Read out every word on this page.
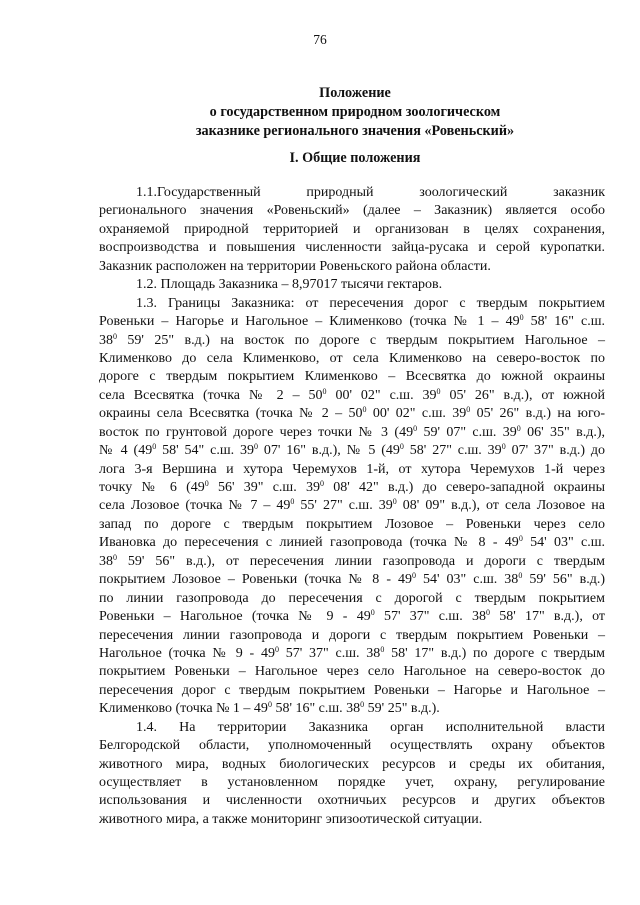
76
Положение
о государственном природном зоологическом
заказнике регионального значения «Ровеньский»
I. Общие положения
1.1.Государственный природный зоологический заказник
регионального значения «Ровеньский» (далее – Заказник) является особо
охраняемой природной территорией и организован в целях сохранения,
воспроизводства и повышения численности зайца-русака и серой куропатки.
Заказник расположен на территории Ровеньского района области.
1.2. Площадь Заказника – 8,97017 тысячи гектаров.
1.3. Границы Заказника: от пересечения дорог с твердым покрытием
Ровеньки – Нагорье и Нагольное – Клименково (точка № $1 - 49^0$ 58' 16" с.ш.
$38^0$ 59' 25" в.д.) на восток по дороге с твердым покрытием Нагольное –
Клименково до села Клименково, от села Клименково на северо-восток по
дороге с твердым покрытием Клименково – Всесвятка до южной окраины
села Всесвятка (точка № $2 - 50^0$ 00' 02" с.ш. $39^0$ 05' 26" в.д.), от южной
окраины села Всесвятка (точка № $2 - 50^0$ 00' 02" с.ш. $39^0$ 05' 26" в.д.) на юго-
восток по грунтовой дороге через точки № 3 ($49^0$ 59' 07" с.ш. $39^0$ 06' 35" в.д.),
№ 4 ($49^0$ 58' 54" с.ш. $39^0$ 07' 16" в.д.), № 5 ($49^0$ 58' 27" с.ш. $39^0$ 07' 37" в.д.) до
лога 3-я Вершина и хутора Черемухов 1-й, от хутора Черемухов 1-й через
точку № 6 ($49^0$ 56' 39" с.ш. $39^0$ 08' 42" в.д.) до северо-западной окраины
села Лозовое (точка № $7 - 49^0$ 55' 27" с.ш. $39^0$ 08' 09" в.д.), от села Лозовое на
запад по дороге с твердым покрытием Лозовое – Ровеньки через село
Ивановка до пересечения с линией газопровода (точка № $8 - 49^0$ 54' 03" с.ш.
$38^0$ 59' 56" в.д.), от пересечения линии газопровода и дороги с твердым
покрытием Лозовое – Ровеньки (точка № $8 - 49^0$ 54' 03" с.ш. $38^0$ 59' 56" в.д.)
по линии газопровода до пересечения с дорогой с твердым покрытием
Ровеньки – Нагольное (точка № $9 - 49^0$ 57' 37" с.ш. $38^0$ 58' 17" в.д.), от
пересечения линии газопровода и дороги с твердым покрытием Ровеньки –
Нагольное (точка № $9 - 49^0$ 57' 37" с.ш. $38^0$ 58' 17" в.д.) по дороге с твердым
покрытием Ровеньки – Нагольное через село Нагольное на северо-восток до
пересечения дорог с твердым покрытием Ровеньки – Нагорье и Нагольное –
Клименково (точка № $1 - 49^0$ 58' 16" с.ш. $38^0$ 59' 25" в.д.).
1.4. На территории Заказника орган исполнительной власти
Белгородской области, уполномоченный осуществлять охрану объектов
животного мира, водных биологических ресурсов и среды их обитания,
осуществляет в установленном порядке учет, охрану, регулирование
использования и численности охотничьих ресурсов и других объектов
животного мира, а также мониторинг эпизоотической ситуации.
